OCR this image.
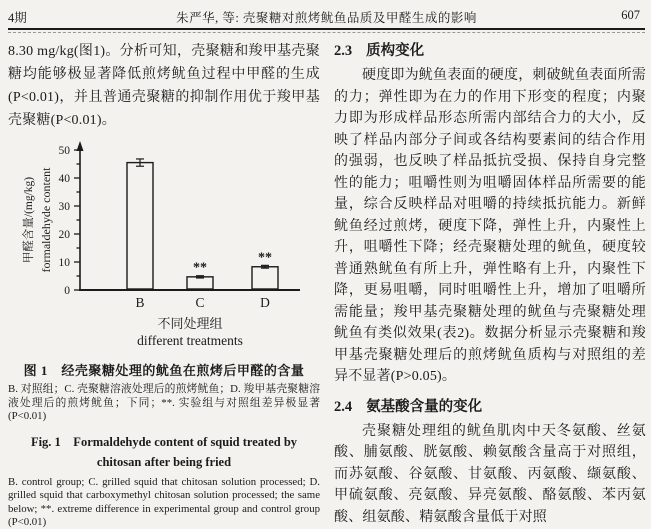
4期	朱严华, 等: 壳聚糖对煎烤鱿鱼品质及甲醛生成的影响	607

8.30 mg/kg(图1)。分析可知，壳聚糖和羧甲基壳聚糖均能够极显著降低煎烤鱿鱼过程中甲醛的生成(P<0.01)，并且普通壳聚糖的抑制作用优于羧甲基壳聚糖(P<0.01)。

0
10
20
30
40
50
B
**
C
**
D
不同处理组
different treatments
甲醛含量/(mg/kg) formaldehyde content
图 1　经壳聚糖处理的鱿鱼在煎烤后甲醛的含量

B. 对照组；C. 壳聚糖溶液处理后的煎烤鱿鱼；D. 羧甲基壳聚糖溶液处理后的煎烤鱿鱼；下同；**. 实验组与对照组差异极显著(P<0.01)

Fig. 1　Formaldehyde content of squid treated by
chitosan after being fried

B. control group; C. grilled squid that chitosan solution processed; D. grilled squid that carboxymethyl chitosan solution processed; the same below; **. extreme difference in experimental group and control group (P<0.01)

2.3 质构变化

硬度即为鱿鱼表面的硬度，刺破鱿鱼表面所需的力；弹性即为在力的作用下形变的程度；内聚力即为形成样品形态所需内部结合力的大小，反映了样品内部分子间或各结构要素间的结合作用的强弱，也反映了样品抵抗受损、保持自身完整性的能力；咀嚼性则为咀嚼固体样品所需要的能量，综合反映样品对咀嚼的持续抵抗能力。新鲜鱿鱼经过煎烤，硬度下降，弹性上升，内聚性上升，咀嚼性下降；经壳聚糖处理的鱿鱼，硬度较普通熟鱿鱼有所上升，弹性略有上升，内聚性下降，更易咀嚼，同时咀嚼性上升，增加了咀嚼所需能量；羧甲基壳聚糖处理的鱿鱼与壳聚糖处理鱿鱼有类似效果(表2)。数据分析显示壳聚糖和羧甲基壳聚糖处理后的煎烤鱿鱼质构与对照组的差异不显著(P>0.05)。

2.4 氨基酸含量的变化

壳聚糖处理组的鱿鱼肌肉中天冬氨酸、丝氨酸、脯氨酸、胱氨酸、赖氨酸含量高于对照组，而苏氨酸、谷氨酸、甘氨酸、丙氨酸、缬氨酸、甲硫氨酸、亮氨酸、异亮氨酸、酪氨酸、苯丙氨酸、组氨酸、精氨酸含量低于对照
